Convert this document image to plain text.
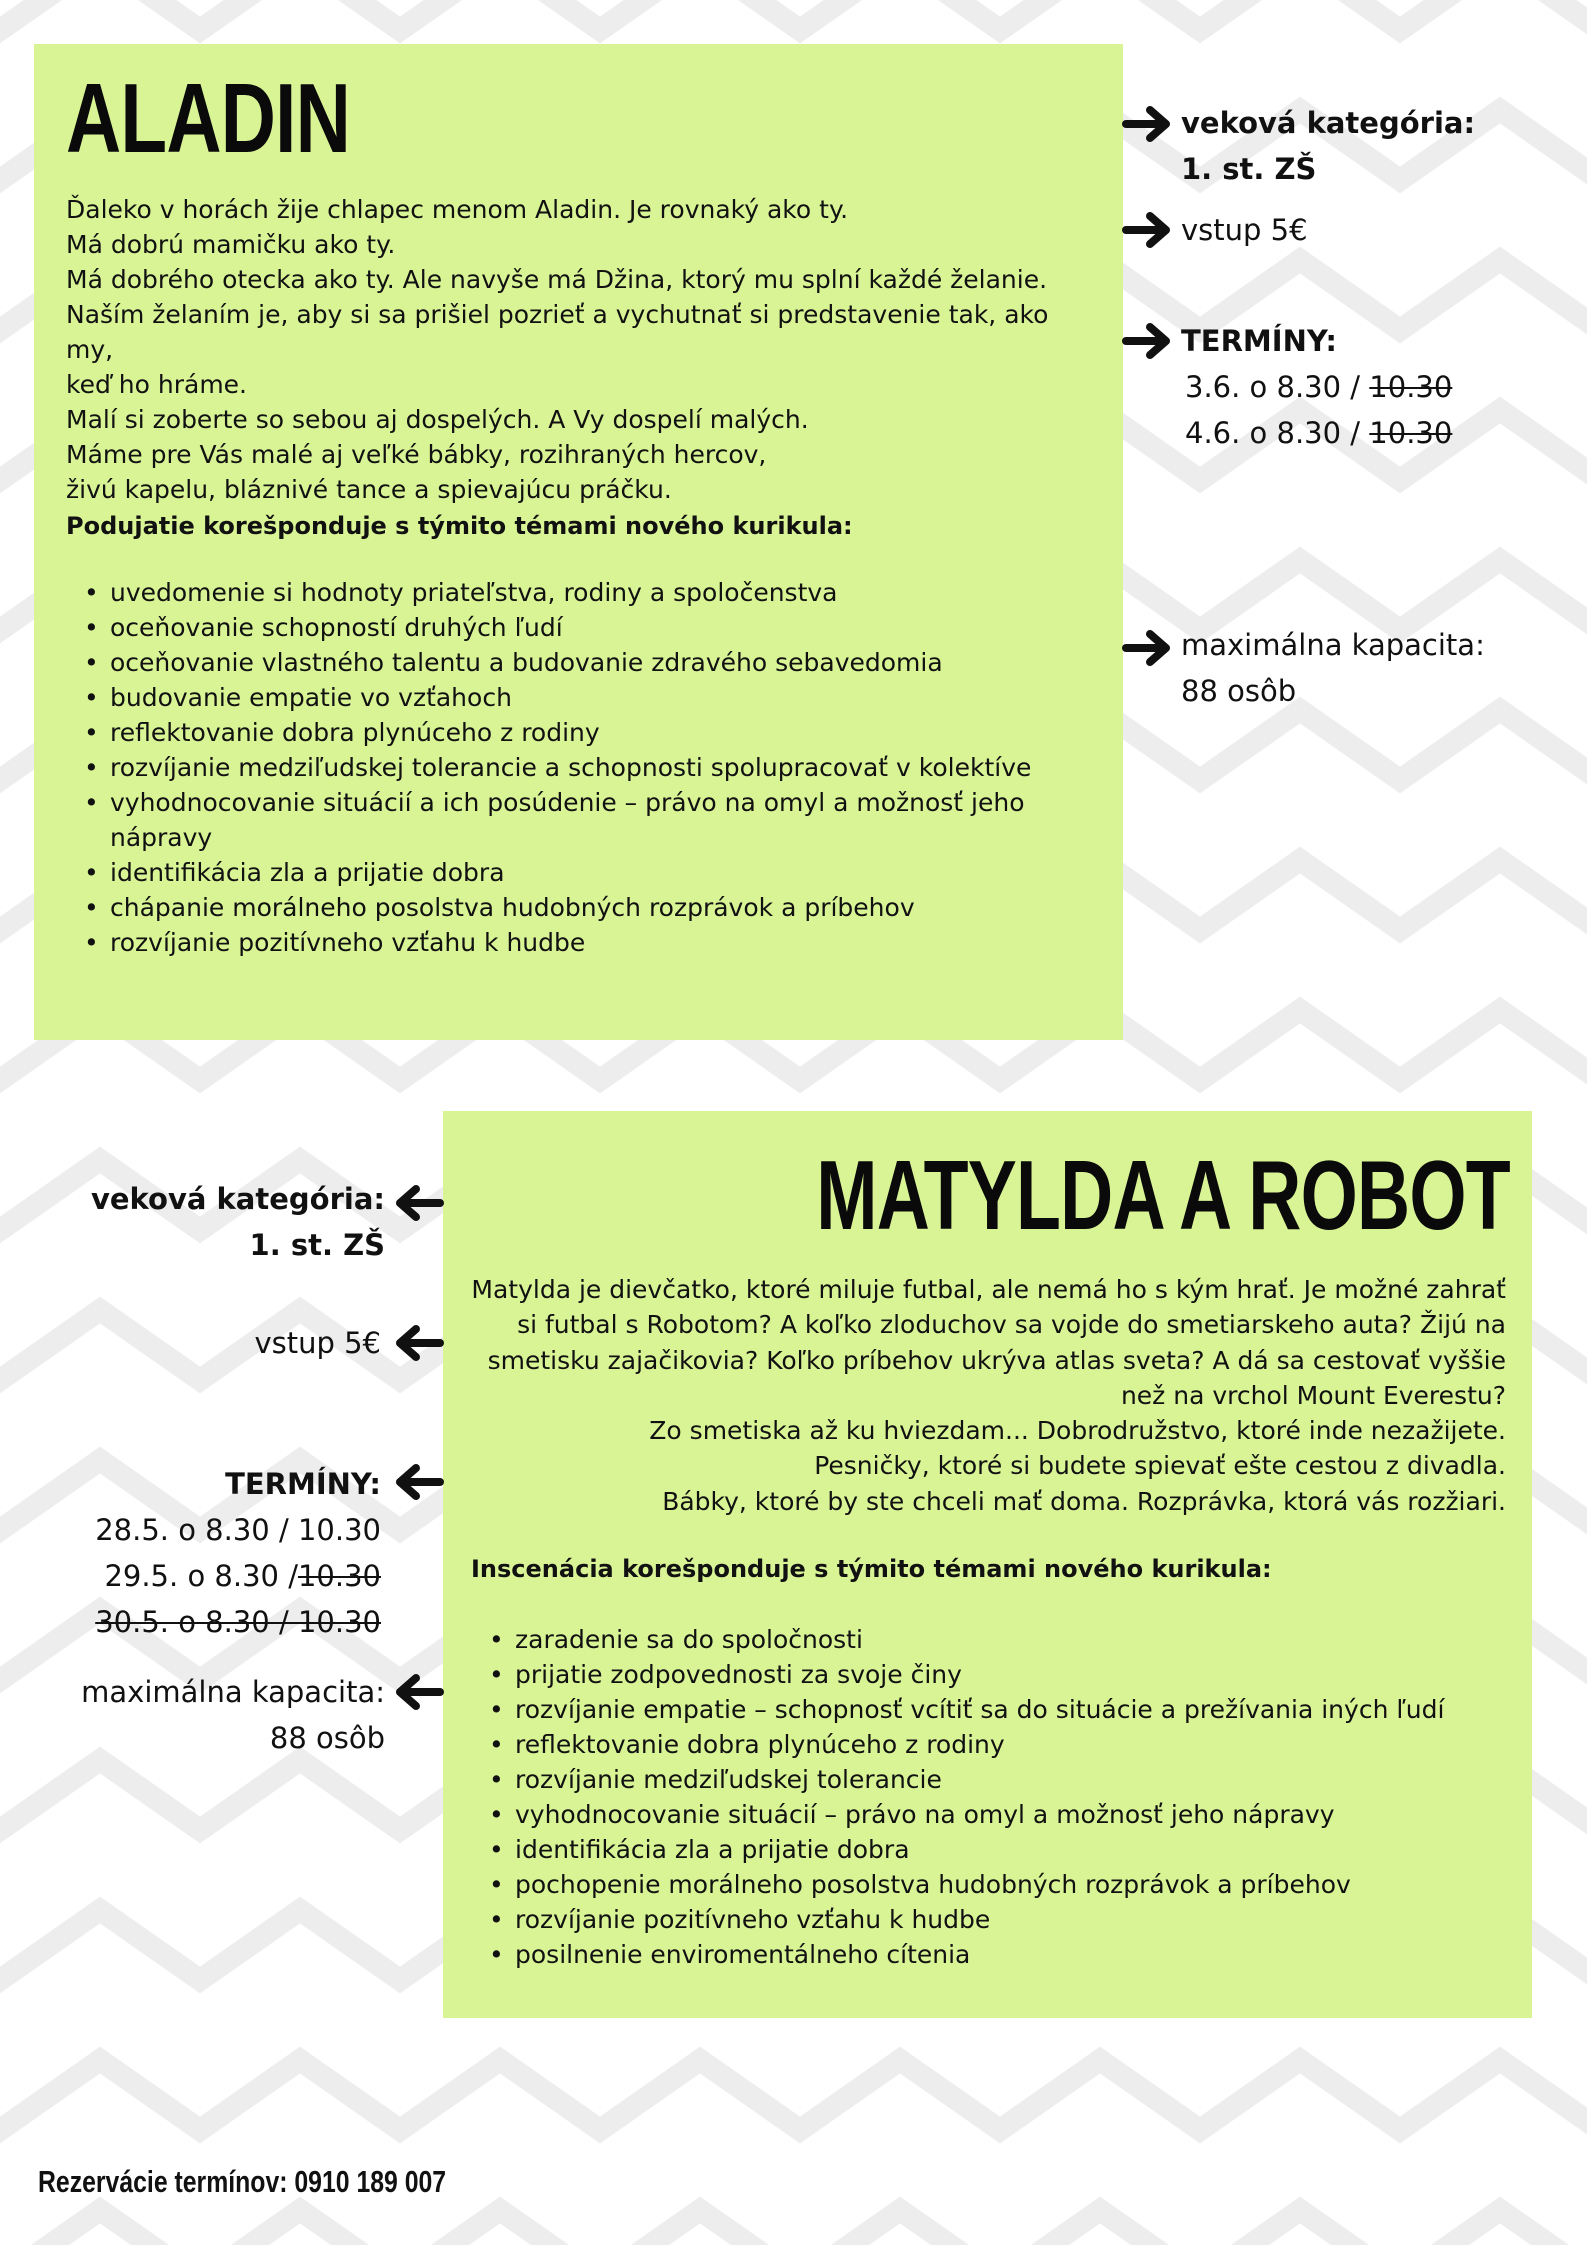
ALADIN
Ďaleko v horách žije chlapec menom Aladin. Je rovnaký ako ty.
Má dobrú mamičku ako ty.
Má dobrého otecka ako ty. Ale navyše má Džina, ktorý mu splní každé želanie.
Naším želaním je, aby si sa prišiel pozrieť a vychutnať si predstavenie tak, ako my,
keď ho hráme.
Malí si zoberte so sebou aj dospelých. A Vy dospelí malých.
Máme pre Vás malé aj veľké bábky, rozihraných hercov,
živú kapelu, bláznivé tance a spievajúcu práčku.
Podujatie korešponduje s týmito témami nového kurikula:
• uvedomenie si hodnoty priateľstva, rodiny a spoločenstva
• oceňovanie schopností druhých ľudí
• oceňovanie vlastného talentu a budovanie zdravého sebavedomia
• budovanie empatie vo vzťahoch
• reflektovanie dobra plynúceho z rodiny
• rozvíjanie medziľudskej tolerancie a schopnosti spolupracovať v kolektíve
• vyhodnocovanie situácií a ich posúdenie – právo na omyl a možnosť jeho nápravy
• identifikácia zla a prijatie dobra
• chápanie morálneho posolstva hudobných rozprávok a príbehov
• rozvíjanie pozitívneho vzťahu k hudbe
veková kategória:
1. st. ZŠ
vstup 5€
TERMÍNY:
3.6. o 8.30 / 10.30
4.6. o 8.30 / 10.30
maximálna kapacita:
88 osôb
MATYLDA A ROBOT
Matylda je dievčatko, ktoré miluje futbal, ale nemá ho s kým hrať. Je možné zahrať
si futbal s Robotom? A koľko zloduchov sa vojde do smetiarskeho auta? Žijú na
smetisku zajačikovia? Koľko príbehov ukrýva atlas sveta? A dá sa cestovať vyššie
než na vrchol Mount Everestu?
Zo smetiska až ku hviezdam... Dobrodružstvo, ktoré inde nezažijete.
Pesničky, ktoré si budete spievať ešte cestou z divadla.
Bábky, ktoré by ste chceli mať doma. Rozprávka, ktorá vás rozžiari.
Inscenácia korešponduje s týmito témami nového kurikula:
• zaradenie sa do spoločnosti
• prijatie zodpovednosti za svoje činy
• rozvíjanie empatie – schopnosť vcítiť sa do situácie a prežívania iných ľudí
• reflektovanie dobra plynúceho z rodiny
• rozvíjanie medziľudskej tolerancie
• vyhodnocovanie situácií – právo na omyl a možnosť jeho nápravy
• identifikácia zla a prijatie dobra
• pochopenie morálneho posolstva hudobných rozprávok a príbehov
• rozvíjanie pozitívneho vzťahu k hudbe
• posilnenie enviromentálneho cítenia
veková kategória:
1. st. ZŠ
vstup 5€
TERMÍNY:
28.5. o 8.30 / 10.30
29.5. o 8.30 /10.30
30.5. o 8.30 / 10.30
maximálna kapacita:
88 osôb
Rezervácie termínov: 0910 189 007
